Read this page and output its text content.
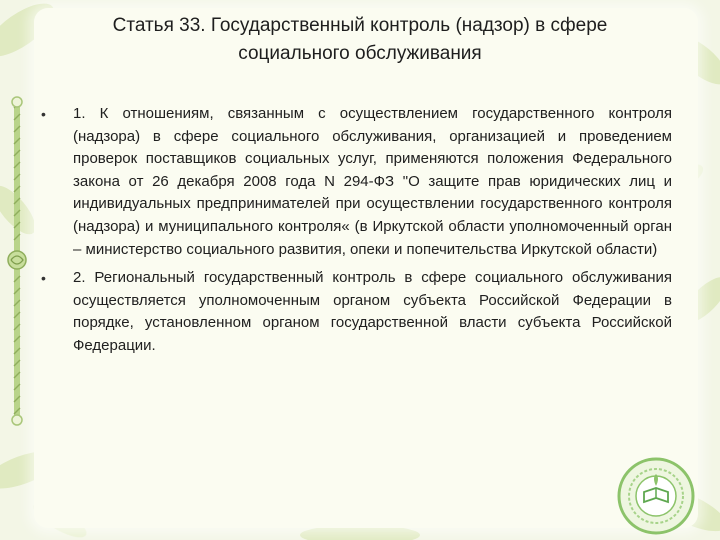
Статья 33. Государственный контроль (надзор) в сфере
социального обслуживания
•	1. К отношениям, связанным с осуществлением государственного контроля (надзора) в сфере социального обслуживания, организацией и проведением проверок поставщиков социальных услуг, применяются положения Федерального закона от 26 декабря 2008 года N 294-ФЗ "О защите прав юридических лиц и индивидуальных предпринимателей при осуществлении государственного контроля (надзора) и муниципального контроля« (в Иркутской области уполномоченный орган – министерство социального развития, опеки и попечительства Иркутской области)

•	2. Региональный государственный контроль в сфере социального обслуживания осуществляется уполномоченным органом субъекта Российской Федерации в порядке, установленном органом государственной власти субъекта Российской Федерации.
